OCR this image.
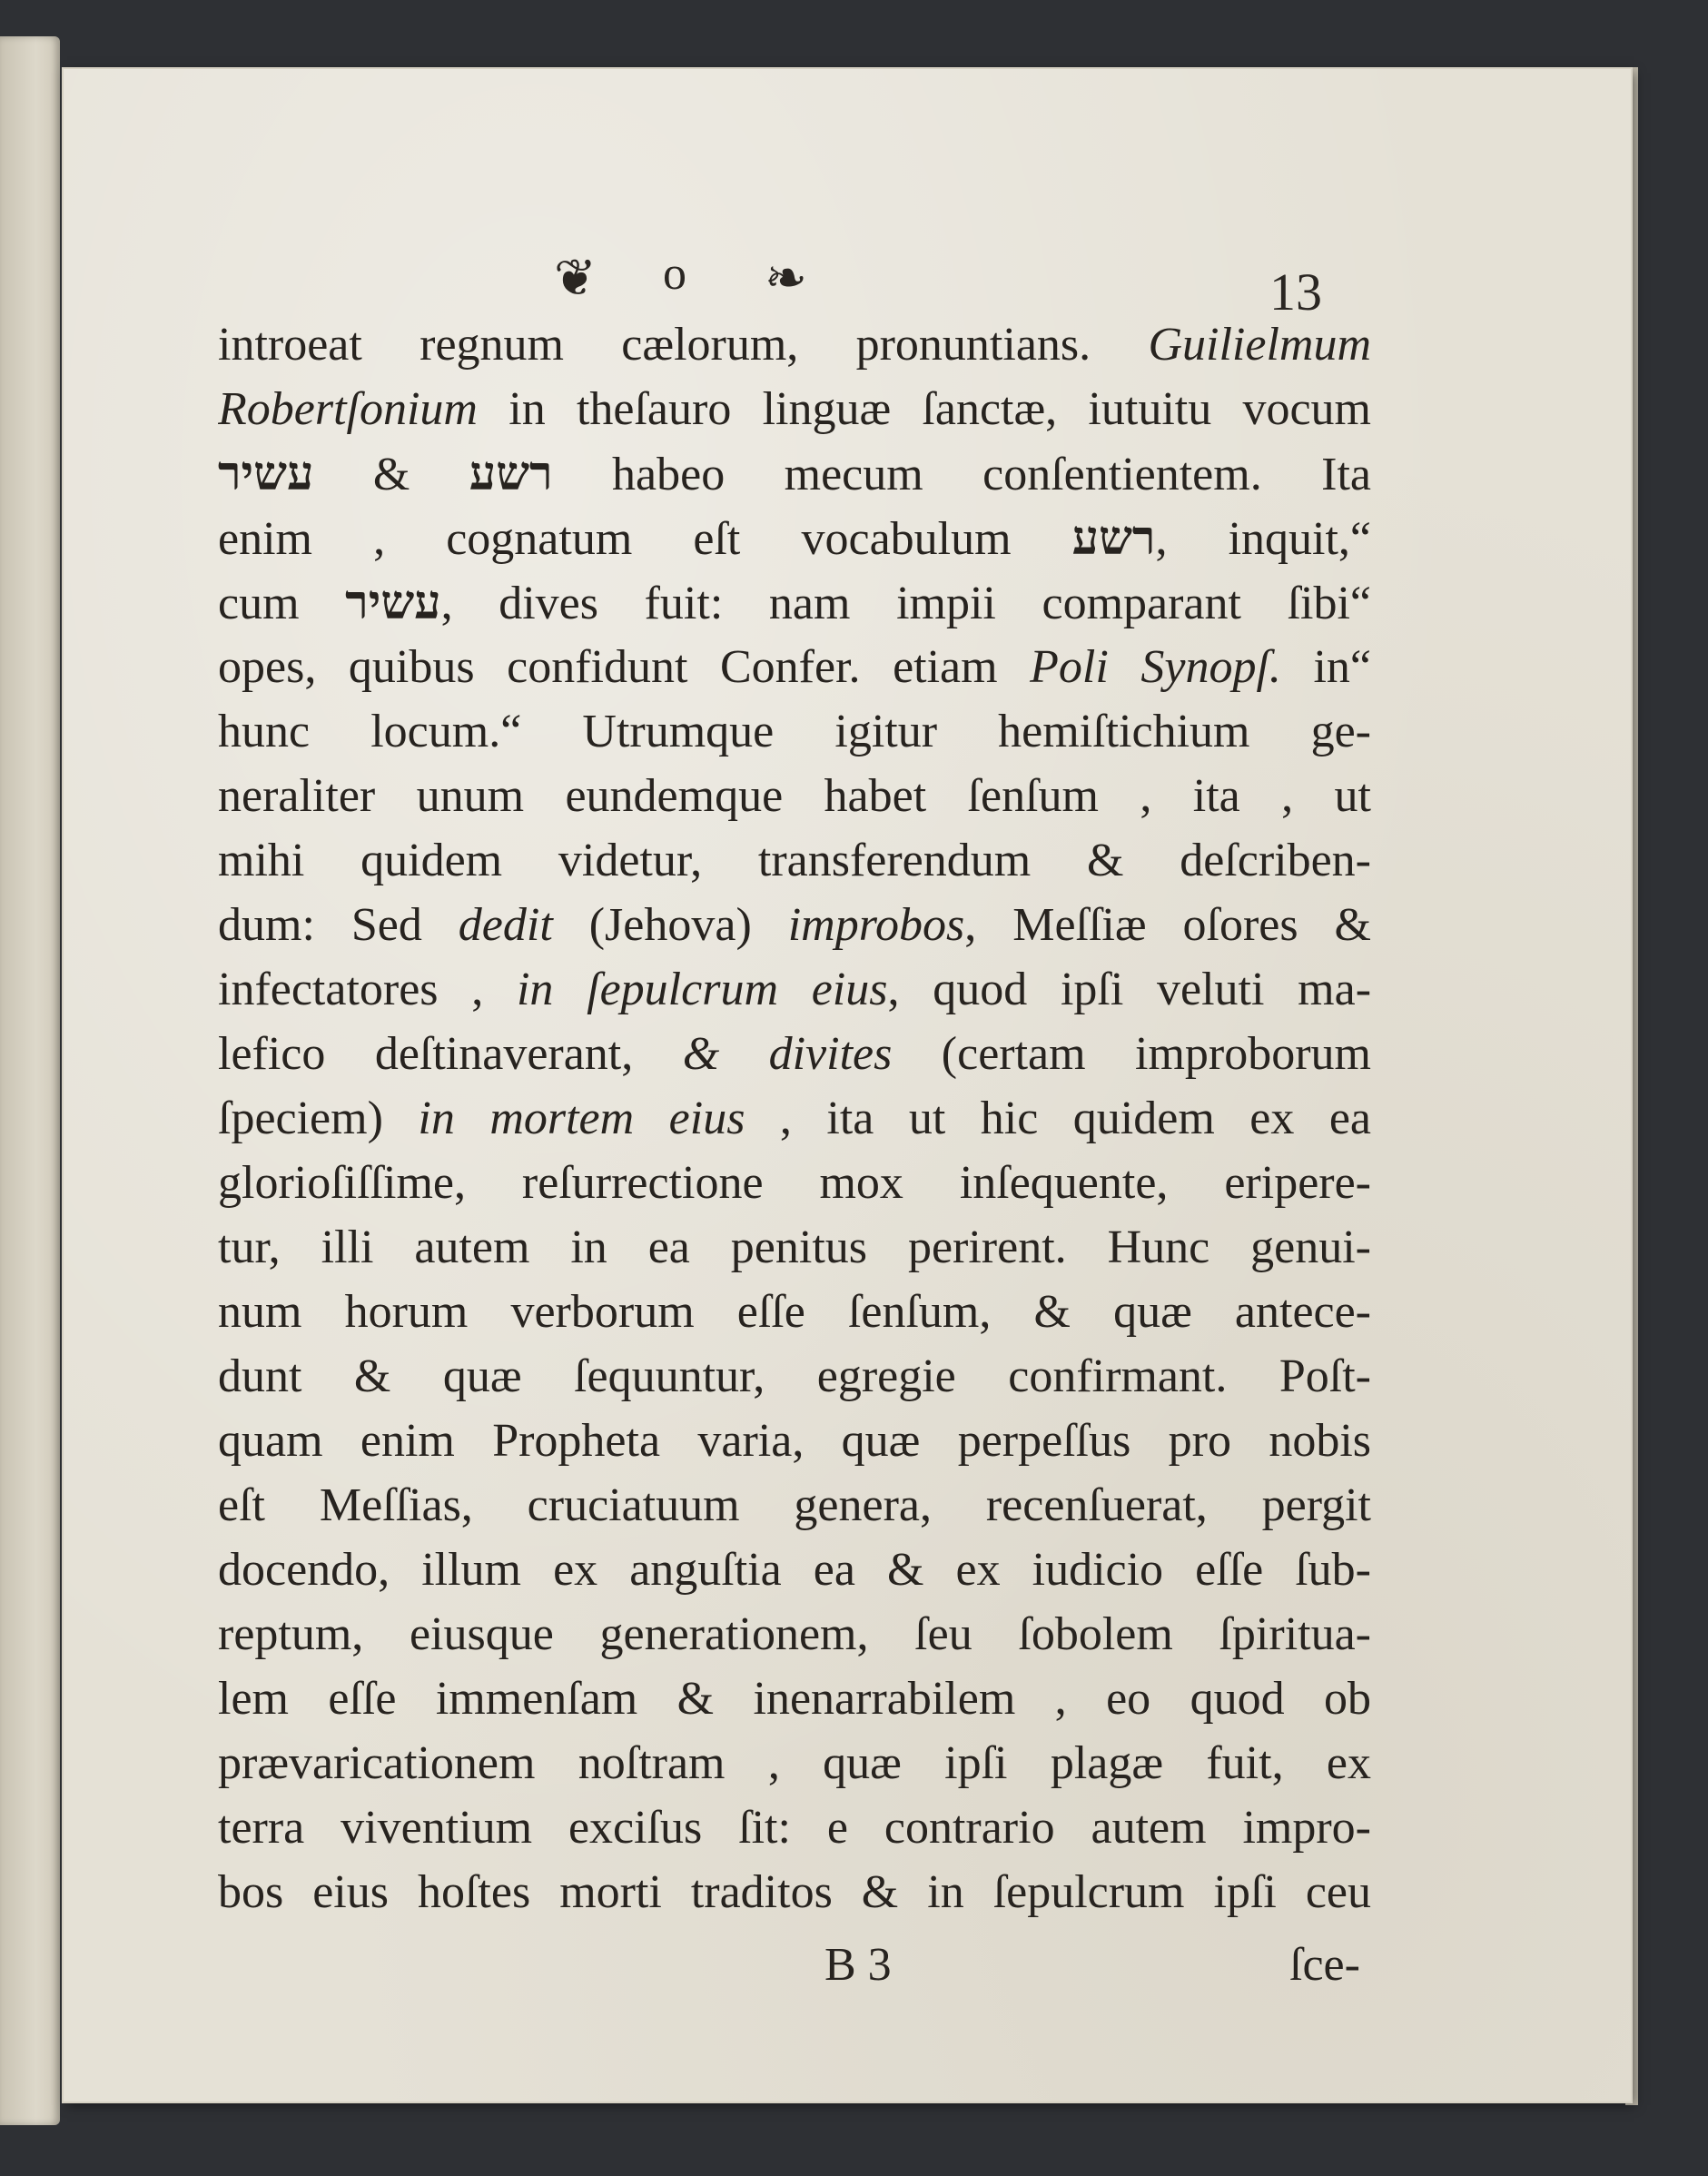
❦ o ❧	13
introeat regnum cælorum, pronuntians. Guilielmum
Robertſonium in theſauro linguæ ſanctæ, iutuitu vocum
רשע & עשיר	habeo mecum conſentientem. Ita
enim , cognatum eſt vocabulum רשע, inquit,“
cum עשיר, dives fuit: nam impii comparant ſibi“
opes, quibus confidunt Confer. etiam Poli Synopſ. in“
hunc locum.“ Utrumque igitur hemiſtichium ge-
neraliter unum eundemque habet ſenſum , ita , ut
mihi quidem videtur, transferendum & deſcriben-
dum: Sed dedit (Jehova) improbos, Meſſiæ oſores &
infectatores , in ſepulcrum eius, quod ipſi veluti ma-
lefico deſtinaverant, & divites (certam improborum
ſpeciem) in mortem eius , ita ut hic quidem ex ea
glorioſiſſime, reſurrectione mox inſequente, eripere-
tur, illi autem in ea penitus perirent. Hunc genui-
num horum verborum eſſe ſenſum, & quæ antece-
dunt & quæ ſequuntur, egregie confirmant. Poſt-
quam enim Propheta varia, quæ perpeſſus pro nobis
eſt Meſſias, cruciatuum genera, recenſuerat, pergit
docendo, illum ex anguſtia ea & ex iudicio eſſe ſub-
reptum, eiusque generationem, ſeu ſobolem ſpiritua-
lem eſſe immenſam & inenarrabilem , eo quod ob
prævaricationem noſtram , quæ ipſi plagæ fuit, ex
terra viventium exciſus ſit: e contrario autem impro-
bos eius hoſtes morti traditos & in ſepulcrum ipſi ceu
B 3	ſce-
